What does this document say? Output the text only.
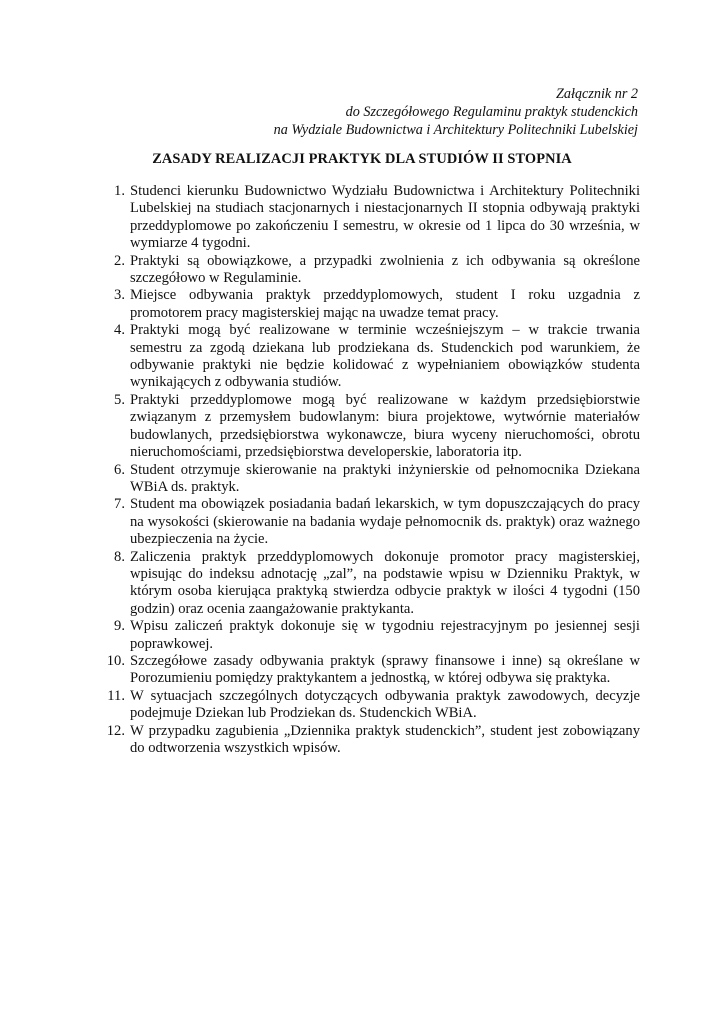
Załącznik nr 2
do Szczegółowego Regulaminu praktyk studenckich
na Wydziale Budownictwa i Architektury Politechniki Lubelskiej
ZASADY REALIZACJI PRAKTYK DLA STUDIÓW II STOPNIA
1. Studenci kierunku Budownictwo Wydziału Budownictwa i Architektury Politechniki Lubelskiej na studiach stacjonarnych i niestacjonarnych II stopnia odbywają praktyki przeddyplomowe po zakończeniu I semestru, w okresie od 1 lipca do 30 września, w wymiarze 4 tygodni.
2. Praktyki są obowiązkowe, a przypadki zwolnienia z ich odbywania są określone szczegółowo w Regulaminie.
3. Miejsce odbywania praktyk przeddyplomowych, student I roku uzgadnia z promotorem pracy magisterskiej mając na uwadze temat pracy.
4. Praktyki mogą być realizowane w terminie wcześniejszym – w trakcie trwania semestru za zgodą dziekana lub prodziekana ds. Studenckich pod warunkiem, że odbywanie praktyki nie będzie kolidować z wypełnianiem obowiązków studenta wynikających z odbywania studiów.
5. Praktyki przeddyplomowe mogą być realizowane w każdym przedsiębiorstwie związanym z przemysłem budowlanym: biura projektowe, wytwórnie materiałów budowlanych, przedsiębiorstwa wykonawcze, biura wyceny nieruchomości, obrotu nieruchomościami, przedsiębiorstwa developerskie, laboratoria itp.
6. Student otrzymuje skierowanie na praktyki inżynierskie od pełnomocnika Dziekana WBiA ds. praktyk.
7. Student ma obowiązek posiadania badań lekarskich, w tym dopuszczających do pracy na wysokości (skierowanie na badania wydaje pełnomocnik ds. praktyk) oraz ważnego ubezpieczenia na życie.
8. Zaliczenia praktyk przeddyplomowych dokonuje promotor pracy magisterskiej, wpisując do indeksu adnotację „zal”, na podstawie wpisu w Dzienniku Praktyk, w którym osoba kierująca praktyką stwierdza odbycie praktyk w ilości 4 tygodni (150 godzin) oraz ocenia zaangażowanie praktykanta.
9. Wpisu zaliczeń praktyk dokonuje się w tygodniu rejestracyjnym po jesiennej sesji poprawkowej.
10. Szczegółowe zasady odbywania praktyk (sprawy finansowe i inne) są określane w Porozumieniu pomiędzy praktykantem a jednostką, w której odbywa się praktyka.
11. W sytuacjach szczególnych dotyczących odbywania praktyk zawodowych, decyzje podejmuje Dziekan lub Prodziekan ds. Studenckich WBiA.
12. W przypadku zagubienia „Dziennika praktyk studenckich”, student jest zobowiązany do odtworzenia wszystkich wpisów.
